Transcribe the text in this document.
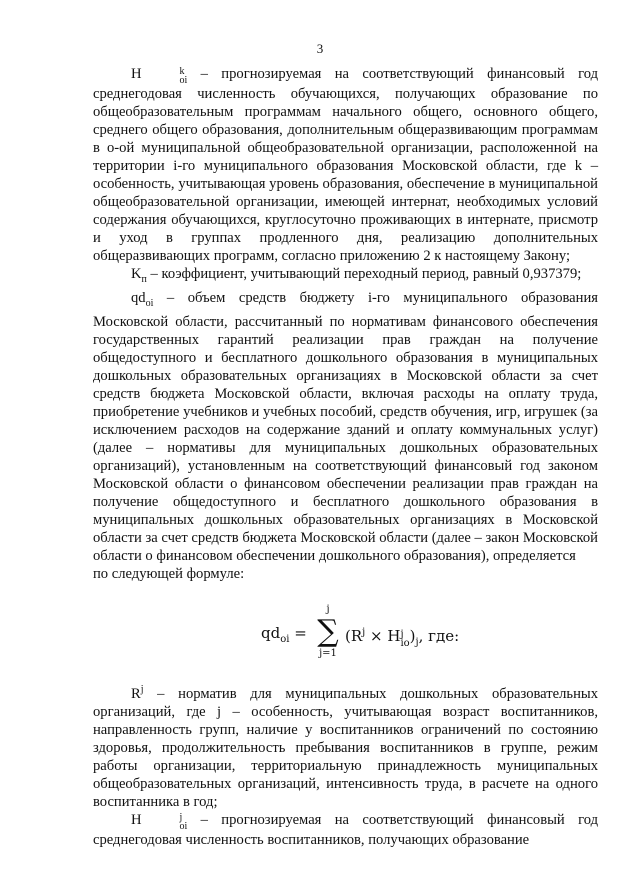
3

Н	k
oi – прогнозируемая на соответствующий финансовый год среднегодовая численность обучающихся, получающих образование по общеобразовательным программам начального общего, основного общего, среднего общего образования, дополнительным общеразвивающим программам в о-ой муниципальной общеобразовательной организации, расположенной на территории i-го муниципального образования Московской области, где k – особенность, учитывающая уровень образования, обеспечение в муниципальной общеобразовательной организации, имеющей интернат, необходимых условий содержания обучающихся, круглосуточно проживающих в интернате, присмотр и уход в группах продленного дня, реализацию дополнительных общеразвивающих программ, согласно приложению 2 к настоящему Закону;

$K_п$ – коэффициент, учитывающий переходный период, равный 0,937379;

$qd_{oi}$ – объем средств бюджету i-го муниципального образования Московской области, рассчитанный по нормативам финансового обеспечения государственных гарантий реализации прав граждан на получение общедоступного и бесплатного дошкольного образования в муниципальных дошкольных образовательных организациях в Московской области за счет средств бюджета Московской области, включая расходы на оплату труда, приобретение учебников и учебных пособий, средств обучения, игр, игрушек (за исключением расходов на содержание зданий и оплату коммунальных услуг) (далее – нормативы для муниципальных дошкольных образовательных организаций), установленным на соответствующий финансовый год законом Московской области о финансовом обеспечении реализации прав граждан на получение общедоступного и бесплатного дошкольного образования в муниципальных дошкольных образовательных организациях в Московской области за счет средств бюджета Московской области (далее – закон Московской области о финансовом обеспечении дошкольного образования), определяется

по следующей формуле:

$qd_{oi}$ =
j
∑
j=1
($R^j \times Н$ j
io )$_j$, где:

$R^j$ – норматив для муниципальных дошкольных образовательных организаций, где j – особенность, учитывающая возраст воспитанников, направленность групп, наличие у воспитанников ограничений по состоянию здоровья, продолжительность пребывания воспитанников в группе, режим работы организации, территориальную принадлежность муниципальных общеобразовательных организаций, интенсивность труда, в расчете на одного воспитанника в год;

Н	j
oi – прогнозируемая на соответствующий финансовый год среднегодовая численность воспитанников, получающих образование
